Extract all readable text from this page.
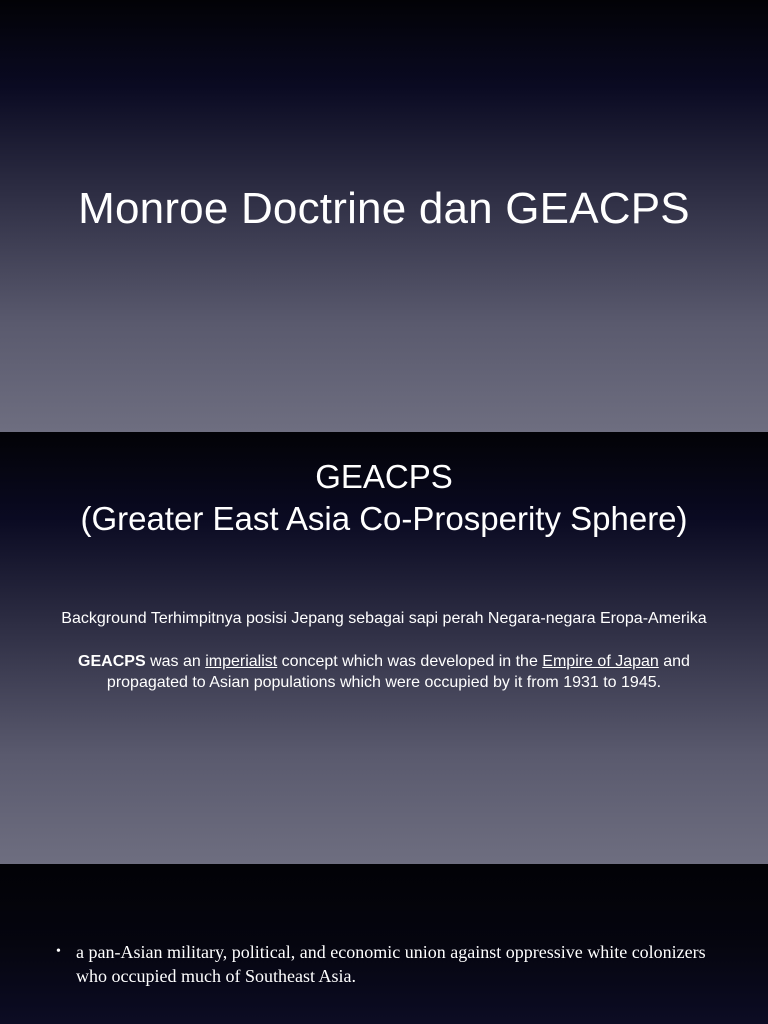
Monroe Doctrine dan GEACPS
GEACPS
(Greater East Asia Co-Prosperity Sphere)

Background Terhimpitnya posisi Jepang sebagai sapi perah Negara-negara Eropa-Amerika

GEACPS was an imperialist concept which was developed in the Empire of Japan and propagated to Asian populations which were occupied by it from 1931 to 1945.

• a pan-Asian military, political, and economic union against oppressive white colonizers who occupied much of Southeast Asia.
